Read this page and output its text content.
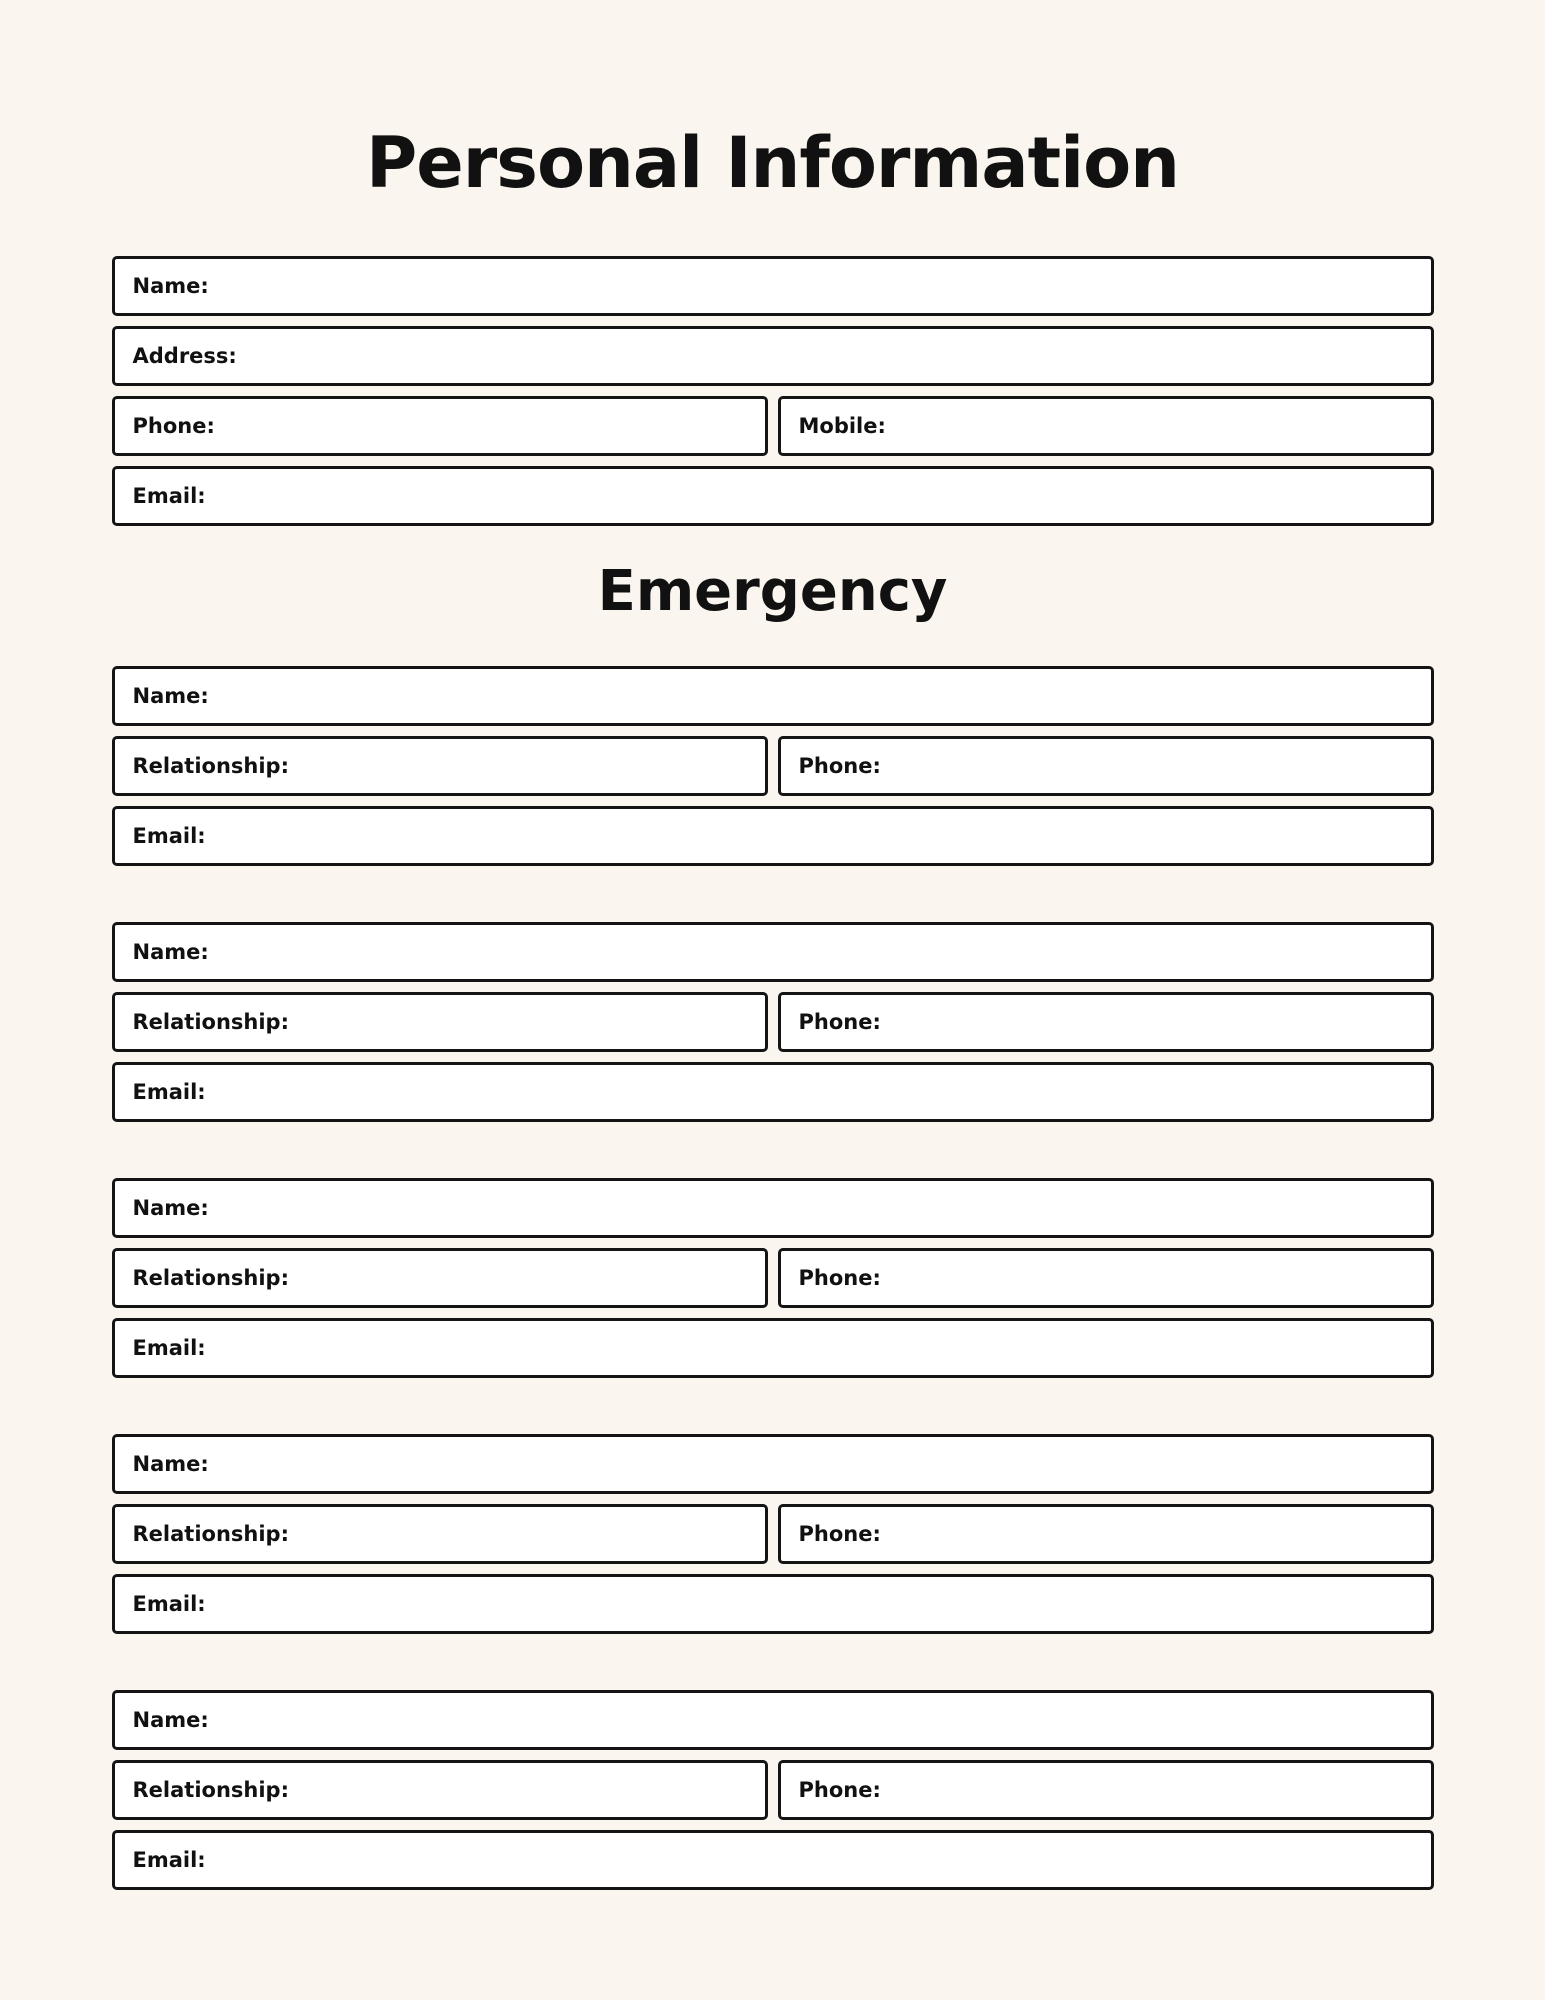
Personal Information
Name:
Address:
Phone:	Mobile:
Email:
Emergency
Name:
Relationship:	Phone:
Email:
Name:
Relationship:	Phone:
Email:
Name:
Relationship:	Phone:
Email:
Name:
Relationship:	Phone:
Email:
Name:
Relationship:	Phone:
Email:
